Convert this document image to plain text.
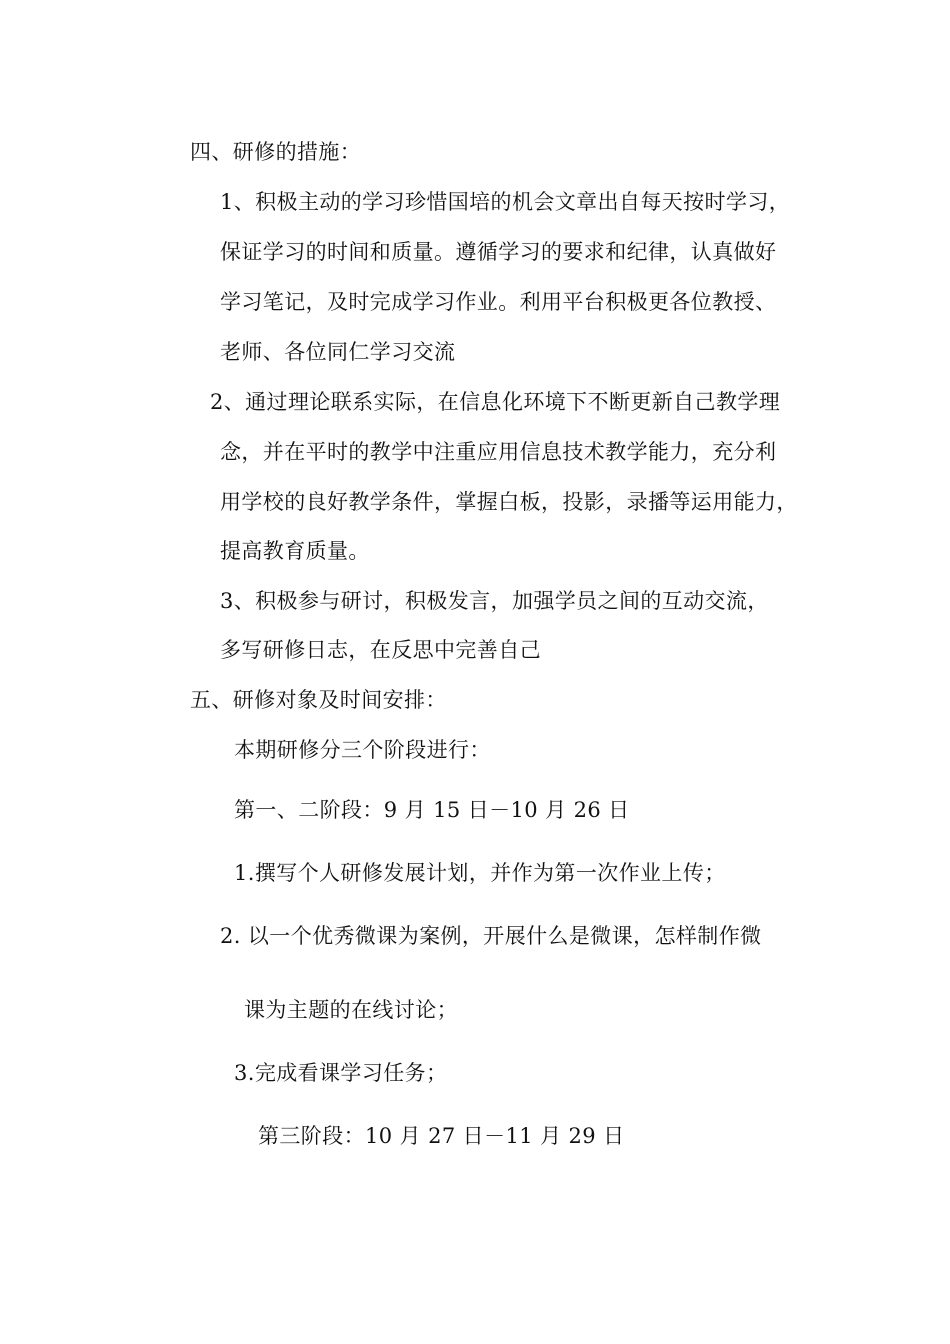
四、研修的措施：
1、积极主动的学习珍惜国培的机会文章出自每天按时学习，
保证学习的时间和质量。遵循学习的要求和纪律，认真做好
学习笔记，及时完成学习作业。利用平台积极更各位教授、
老师、各位同仁学习交流
2、通过理论联系实际，在信息化环境下不断更新自己教学理
念，并在平时的教学中注重应用信息技术教学能力，充分利
用学校的良好教学条件，掌握白板，投影，录播等运用能力，
提高教育质量。
3、积极参与研讨，积极发言，加强学员之间的互动交流，
多写研修日志，在反思中完善自己
五、研修对象及时间安排：
本期研修分三个阶段进行：
第一、二阶段：9 月 15 日－10 月 26 日
1.撰写个人研修发展计划，并作为第一次作业上传；
2. 以一个优秀微课为案例，开展什么是微课，怎样制作微
课为主题的在线讨论；
3.完成看课学习任务；
第三阶段：10 月 27 日－11 月 29 日
